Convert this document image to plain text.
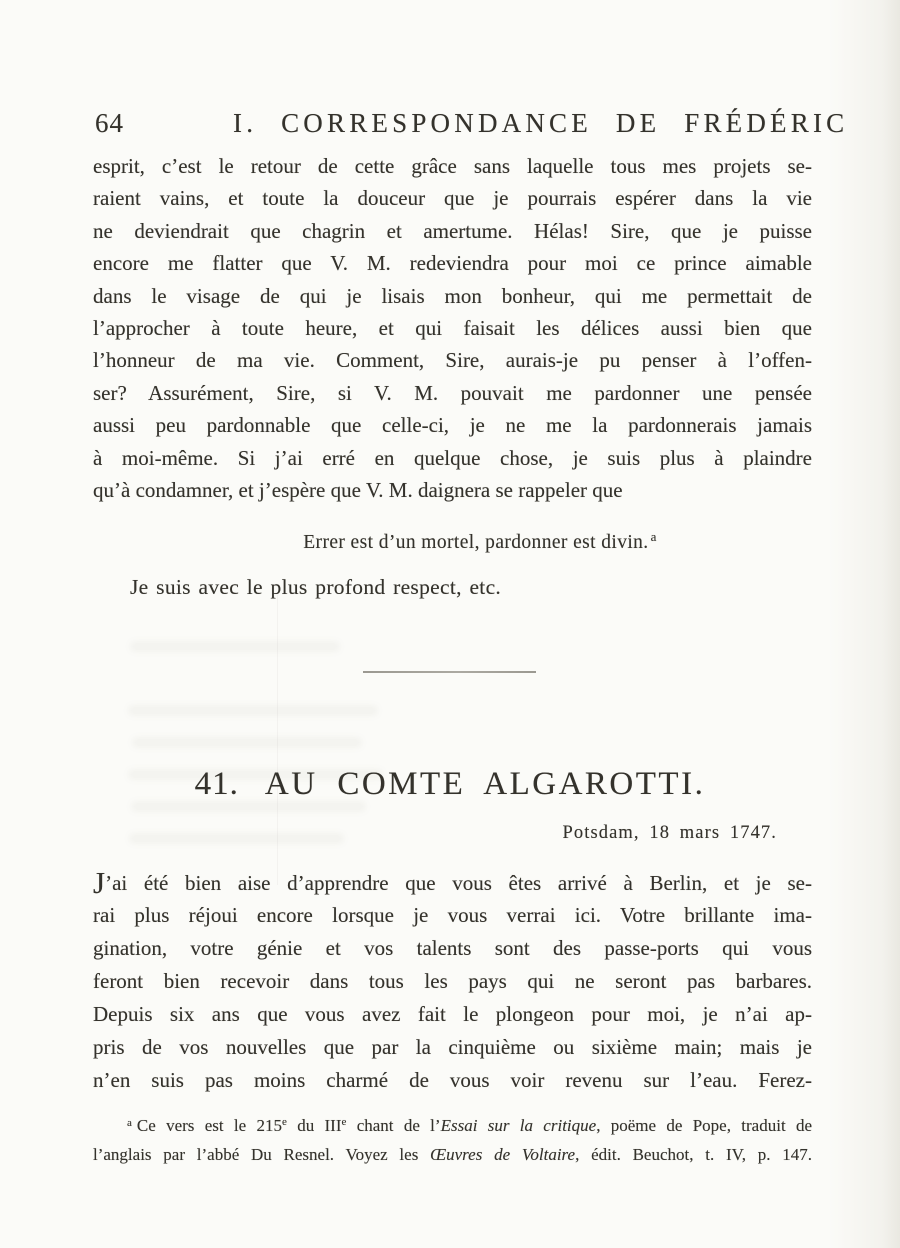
64	I. CORRESPONDANCE DE FRÉDÉRIC
esprit, c’est le retour de cette grâce sans laquelle tous mes projets se-
raient vains, et toute la douceur que je pourrais espérer dans la vie
ne deviendrait que chagrin et amertume. Hélas! Sire, que je puisse
encore me flatter que V. M. redeviendra pour moi ce prince aimable
dans le visage de qui je lisais mon bonheur, qui me permettait de
l’approcher à toute heure, et qui faisait les délices aussi bien que
l’honneur de ma vie. Comment, Sire, aurais-je pu penser à l’offen-
ser? Assurément, Sire, si V. M. pouvait me pardonner une pensée
aussi peu pardonnable que celle-ci, je ne me la pardonnerais jamais
à moi-même. Si j’ai erré en quelque chose, je suis plus à plaindre
qu’à condamner, et j’espère que V. M. daignera se rappeler que
Errer est d’un mortel, pardonner est divin. $^a$
Je suis avec le plus profond respect, etc.
41. AU COMTE ALGAROTTI.
Potsdam, 18 mars 1747.
J’ai été bien aise d’apprendre que vous êtes arrivé à Berlin, et je se-
rai plus réjoui encore lorsque je vous verrai ici. Votre brillante ima-
gination, votre génie et vos talents sont des passe-ports qui vous
feront bien recevoir dans tous les pays qui ne seront pas barbares.
Depuis six ans que vous avez fait le plongeon pour moi, je n’ai ap-
pris de vos nouvelles que par la cinquième ou sixième main; mais je
n’en suis pas moins charmé de vous voir revenu sur l’eau. Ferez-
$^a$ Ce vers est le 215e du IIIe chant de l’Essai sur la critique, poëme de Pope, traduit de
l’anglais par l’abbé Du Resnel. Voyez les Œuvres de Voltaire, édit. Beuchot, t. IV, p. 147.
